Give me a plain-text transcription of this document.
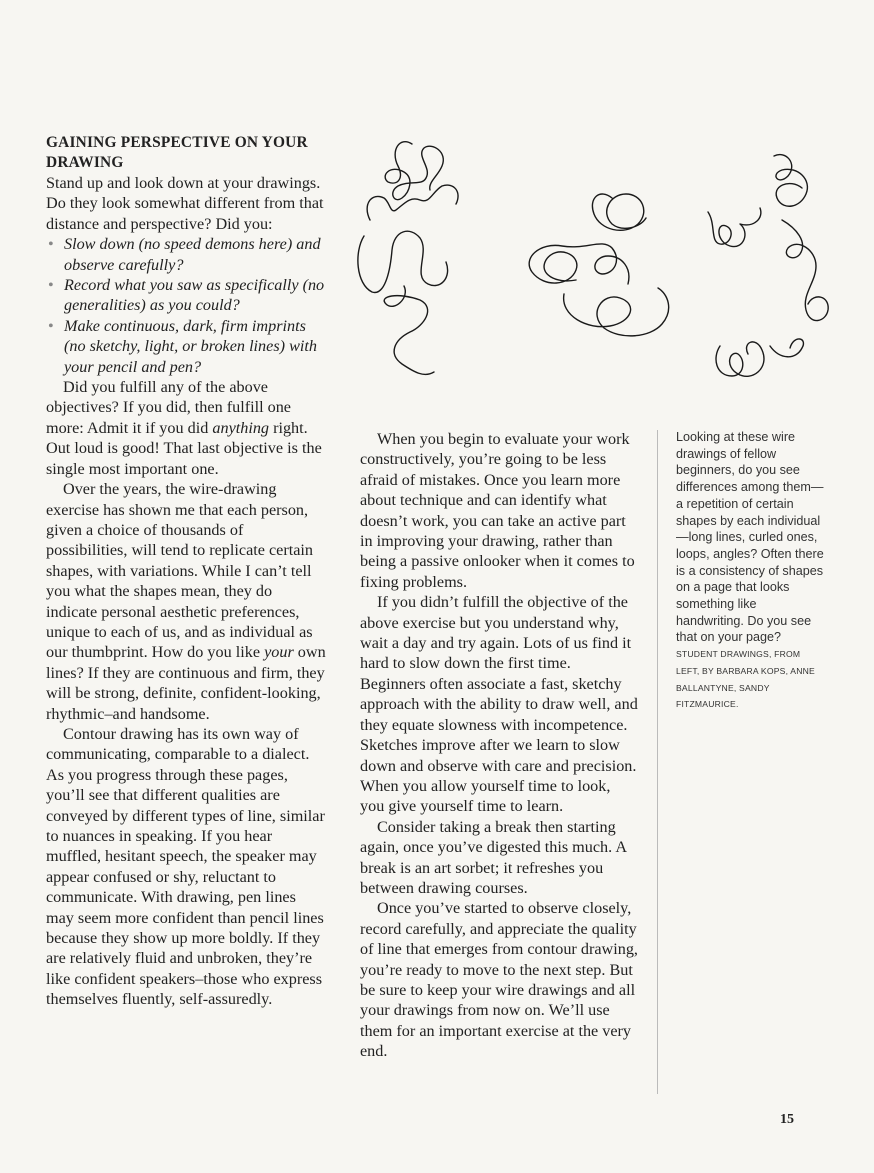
GAINING PERSPECTIVE ON YOUR DRAWING

Stand up and look down at your drawings. Do they look somewhat different from that distance and perspective? Did you:

• Slow down (no speed demons here) and observe carefully?
• Record what you saw as specifically (no generalities) as you could?
• Make continuous, dark, firm imprints (no sketchy, light, or broken lines) with your pencil and pen?

Did you fulfill any of the above objectives? If you did, then fulfill one more: Admit it if you did anything right. Out loud is good! That last objective is the single most important one.

Over the years, the wire-drawing exercise has shown me that each person, given a choice of thousands of possibilities, will tend to replicate certain shapes, with variations. While I can’t tell you what the shapes mean, they do indicate personal aesthetic preferences, unique to each of us, and as individual as our thumbprint. How do you like your own lines? If they are continuous and firm, they will be strong, definite, confident-looking, rhythmic–and handsome.

Contour drawing has its own way of communicating, comparable to a dialect. As you progress through these pages, you’ll see that different qualities are conveyed by different types of line, similar to nuances in speaking. If you hear muffled, hesitant speech, the speaker may appear confused or shy, reluctant to communicate. With drawing, pen lines may seem more confident than pencil lines because they show up more boldly. If they are relatively fluid and unbroken, they’re like confident speakers–those who express themselves fluently, self-assuredly.

When you begin to evaluate your work constructively, you’re going to be less afraid of mistakes. Once you learn more about technique and can identify what doesn’t work, you can take an active part in improving your drawing, rather than being a passive onlooker when it comes to fixing problems.

If you didn’t fulfill the objective of the above exercise but you understand why, wait a day and try again. Lots of us find it hard to slow down the first time. Beginners often associate a fast, sketchy approach with the ability to draw well, and they equate slowness with incompetence. Sketches improve after we learn to slow down and observe with care and precision. When you allow yourself time to look, you give yourself time to learn.

Consider taking a break then starting again, once you’ve digested this much. A break is an art sorbet; it refreshes you between drawing courses.

Once you’ve started to observe closely, record carefully, and appreciate the quality of line that emerges from contour drawing, you’re ready to move to the next step. But be sure to keep your wire drawings and all your drawings from now on. We’ll use them for an important exercise at the very end.

Looking at these wire drawings of fellow beginners, do you see differences among them—a repetition of certain shapes by each individual—long lines, curled ones, loops, angles? Often there is a consistency of shapes on a page that looks something like handwriting. Do you see that on your page?
STUDENT DRAWINGS, FROM LEFT, BY BARBARA KOPS, ANNE BALLANTYNE, SANDY FITZMAURICE.
15
